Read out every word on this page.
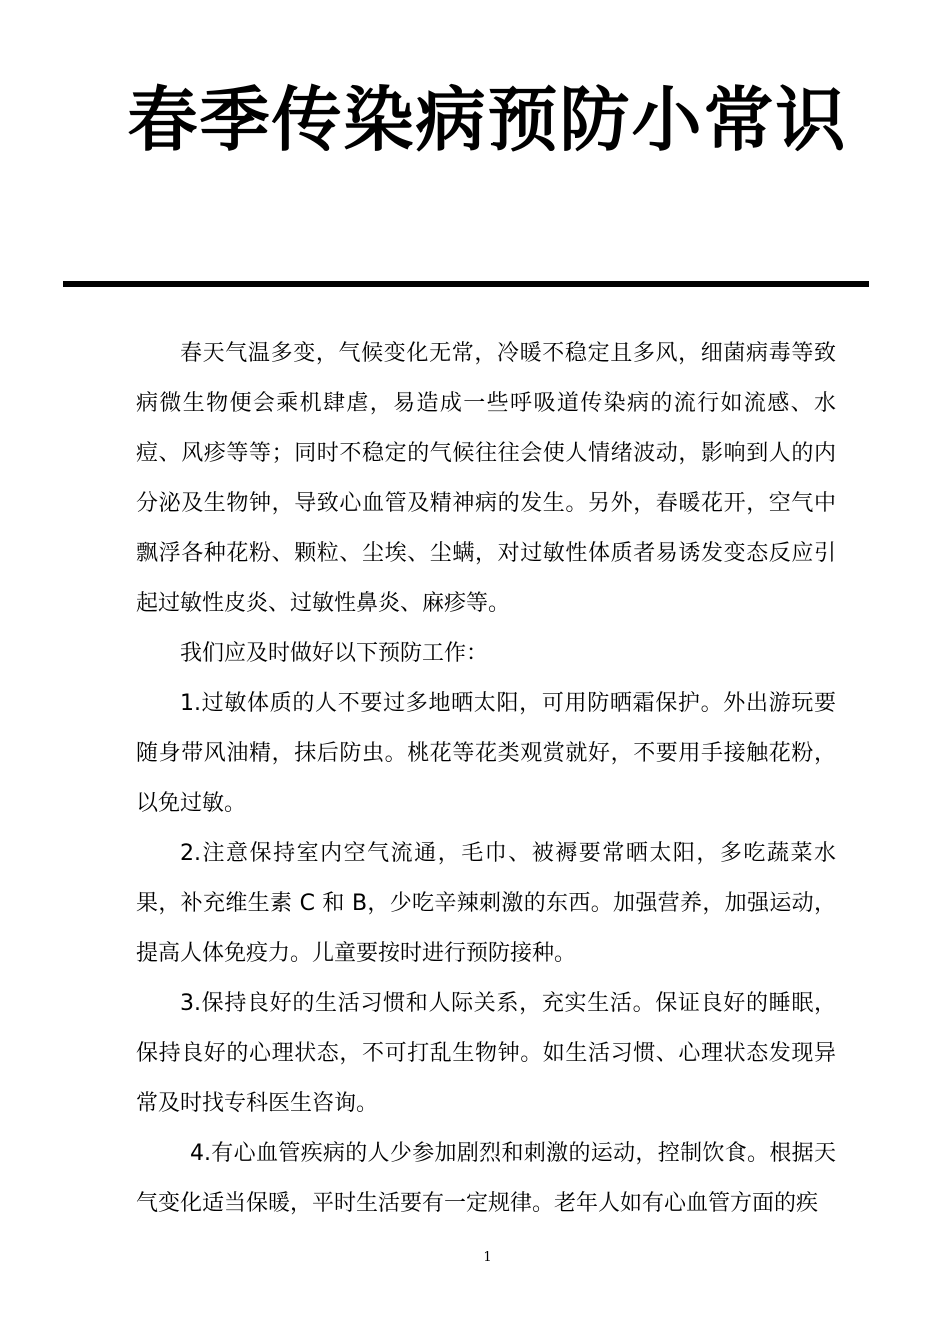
春季传染病预防小常识

春天气温多变，气候变化无常，冷暖不稳定且多风，细菌病毒等致病微生物便会乘机肆虐，易造成一些呼吸道传染病的流行如流感、水痘、风疹等等；同时不稳定的气候往往会使人情绪波动，影响到人的内分泌及生物钟，导致心血管及精神病的发生。另外，春暖花开，空气中飘浮各种花粉、颗粒、尘埃、尘螨，对过敏性体质者易诱发变态反应引起过敏性皮炎、过敏性鼻炎、麻疹等。

我们应及时做好以下预防工作：

1.过敏体质的人不要过多地晒太阳，可用防晒霜保护。外出游玩要随身带风油精，抹后防虫。桃花等花类观赏就好，不要用手接触花粉，以免过敏。

2.注意保持室内空气流通，毛巾、被褥要常晒太阳，多吃蔬菜水果，补充维生素 C 和 B，少吃辛辣刺激的东西。加强营养，加强运动，提高人体免疫力。儿童要按时进行预防接种。

3.保持良好的生活习惯和人际关系，充实生活。保证良好的睡眠，保持良好的心理状态，不可打乱生物钟。如生活习惯、心理状态发现异常及时找专科医生咨询。

4.有心血管疾病的人少参加剧烈和刺激的运动，控制饮食。根据天气变化适当保暖，平时生活要有一定规律。老年人如有心血管方面的疾

1
